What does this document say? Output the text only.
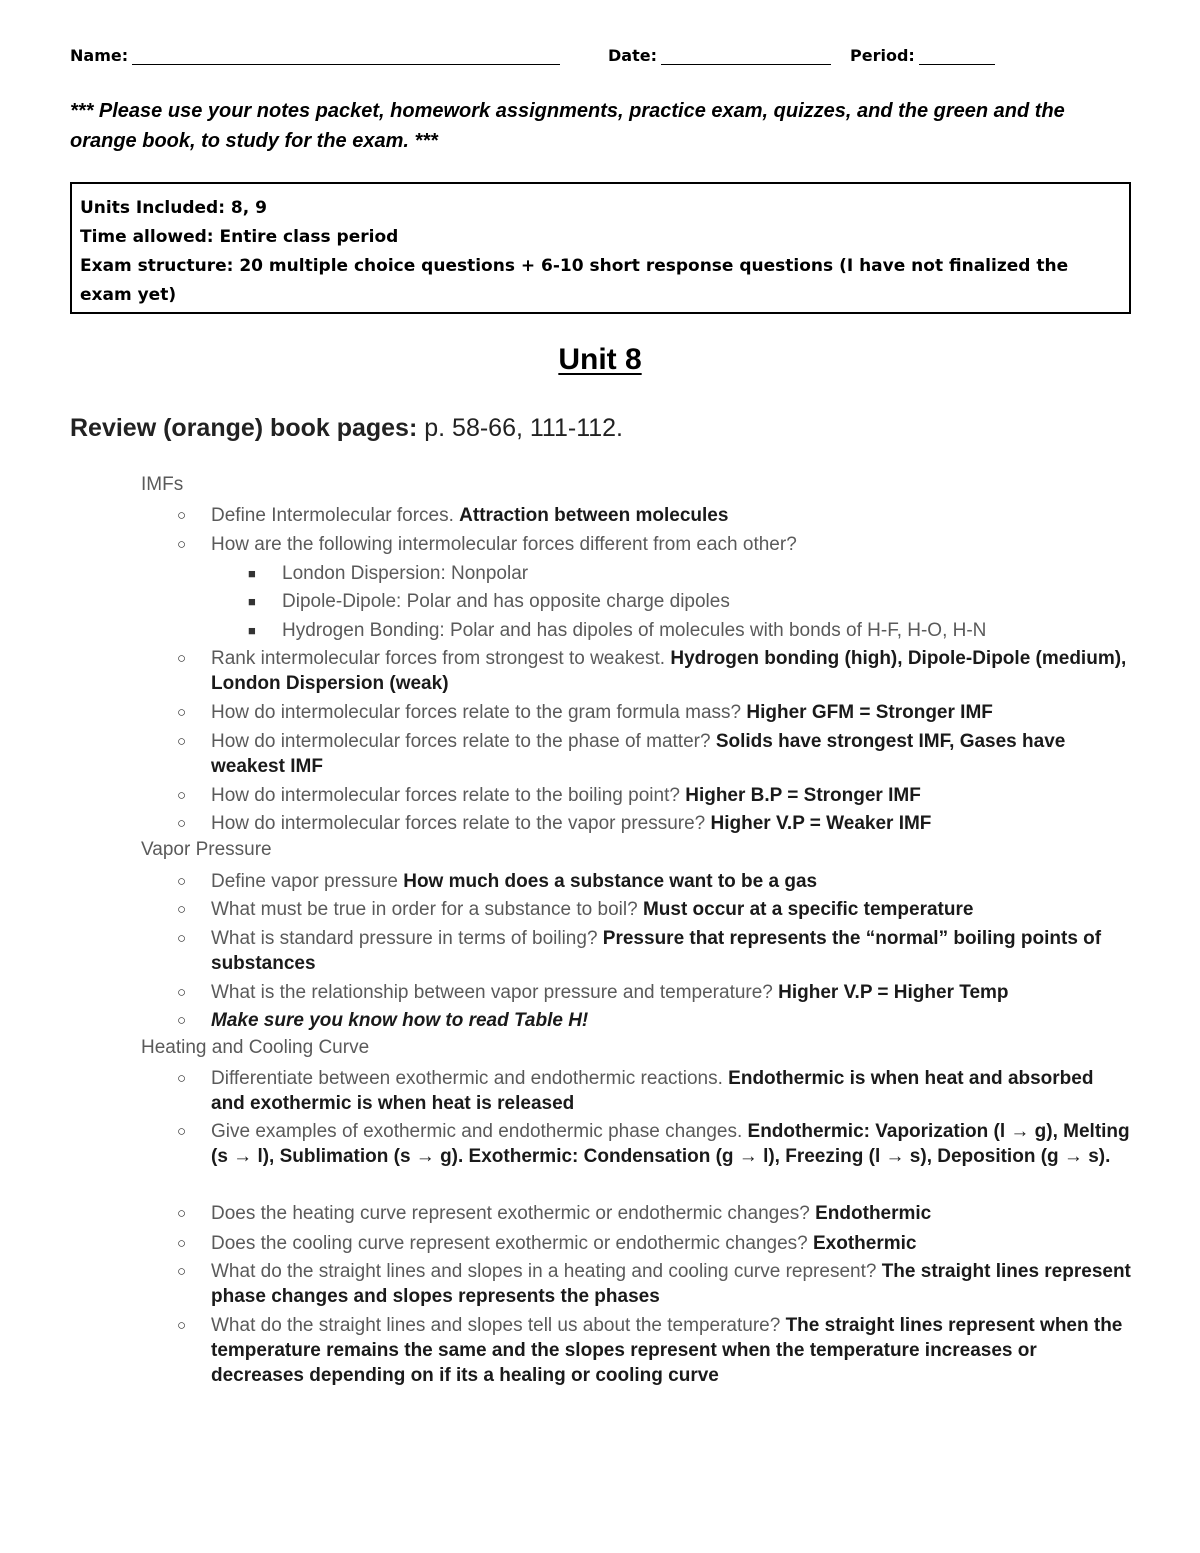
Name:	Date:	Period:
*** Please use your notes packet, homework assignments, practice exam, quizzes, and the green and the orange book, to study for the exam. ***
Units Included: 8, 9
Time allowed: Entire class period
Exam structure: 20 multiple choice questions + 6-10 short response questions (I have not finalized the exam yet)
Unit 8
Review (orange) book pages: p. 58-66, 111-112.
IMFs
○ Define Intermolecular forces. Attraction between molecules
○ How are the following intermolecular forces different from each other?
■ London Dispersion: Nonpolar
■ Dipole-Dipole: Polar and has opposite charge dipoles
■ Hydrogen Bonding: Polar and has dipoles of molecules with bonds of H-F, H-O, H-N
○ Rank intermolecular forces from strongest to weakest. Hydrogen bonding (high), Dipole-Dipole (medium), London Dispersion (weak)
○ How do intermolecular forces relate to the gram formula mass? Higher GFM = Stronger IMF
○ How do intermolecular forces relate to the phase of matter? Solids have strongest IMF, Gases have weakest IMF
○ How do intermolecular forces relate to the boiling point? Higher B.P = Stronger IMF
○ How do intermolecular forces relate to the vapor pressure? Higher V.P = Weaker IMF
Vapor Pressure
○ Define vapor pressure How much does a substance want to be a gas
○ What must be true in order for a substance to boil? Must occur at a specific temperature
○ What is standard pressure in terms of boiling? Pressure that represents the “normal” boiling points of substances
○ What is the relationship between vapor pressure and temperature? Higher V.P = Higher Temp
○ Make sure you know how to read Table H!
Heating and Cooling Curve
○ Differentiate between exothermic and endothermic reactions. Endothermic is when heat and absorbed and exothermic is when heat is released
○ Give examples of exothermic and endothermic phase changes. Endothermic: Vaporization (l → g), Melting (s → l), Sublimation (s → g). Exothermic: Condensation (g → l), Freezing (l → s), Deposition (g → s).
○ Does the heating curve represent exothermic or endothermic changes? Endothermic
○ Does the cooling curve represent exothermic or endothermic changes? Exothermic
○ What do the straight lines and slopes in a heating and cooling curve represent? The straight lines represent phase changes and slopes represents the phases
○ What do the straight lines and slopes tell us about the temperature? The straight lines represent when the temperature remains the same and the slopes represent when the temperature increases or decreases depending on if its a healing or cooling curve
